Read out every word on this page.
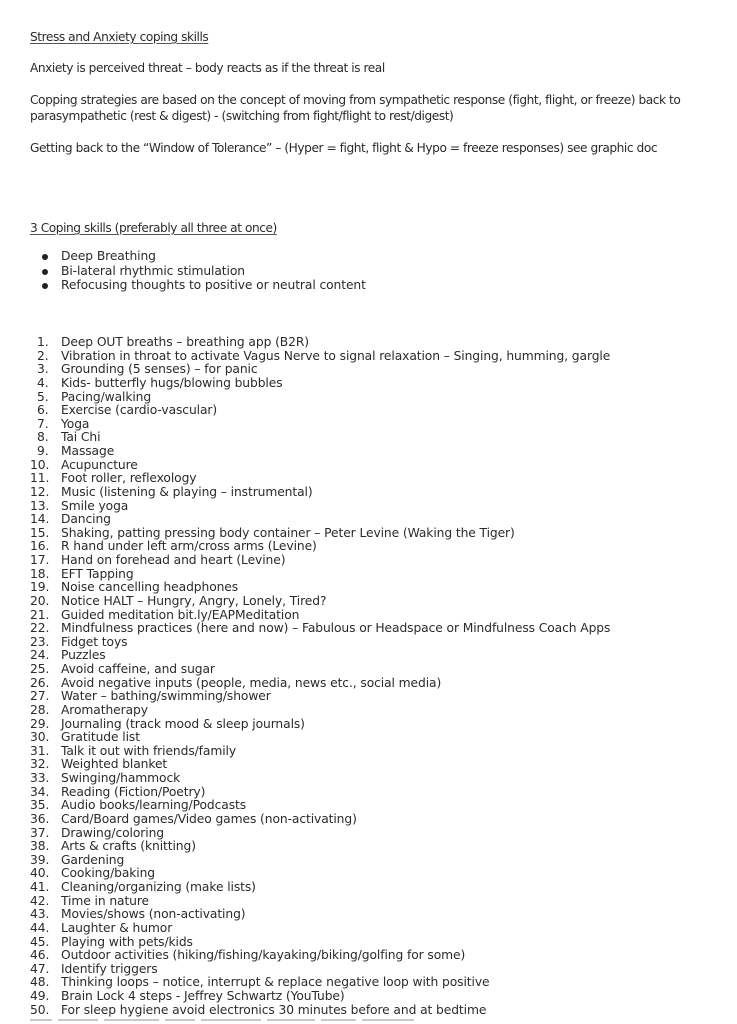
Stress and Anxiety coping skills
Anxiety is perceived threat – body reacts as if the threat is real
Copping strategies are based on the concept of moving from sympathetic response (fight, flight, or freeze) back to parasympathetic (rest & digest) - (switching from fight/flight to rest/digest)
Getting back to the “Window of Tolerance” – (Hyper = fight, flight & Hypo = freeze responses) see graphic doc
3 Coping skills (preferably all three at once)
Deep Breathing
Bi-lateral rhythmic stimulation
Refocusing thoughts to positive or neutral content
1. Deep OUT breaths – breathing app (B2R)
2. Vibration in throat to activate Vagus Nerve to signal relaxation – Singing, humming, gargle
3. Grounding (5 senses) – for panic
4. Kids- butterfly hugs/blowing bubbles
5. Pacing/walking
6. Exercise (cardio-vascular)
7. Yoga
8. Tai Chi
9. Massage
10. Acupuncture
11. Foot roller, reflexology
12. Music (listening & playing – instrumental)
13. Smile yoga
14. Dancing
15. Shaking, patting pressing body container – Peter Levine (Waking the Tiger)
16. R hand under left arm/cross arms (Levine)
17. Hand on forehead and heart (Levine)
18. EFT Tapping
19. Noise cancelling headphones
20. Notice HALT – Hungry, Angry, Lonely, Tired?
21. Guided meditation bit.ly/EAPMeditation
22. Mindfulness practices (here and now) – Fabulous or Headspace or Mindfulness Coach Apps
23. Fidget toys
24. Puzzles
25. Avoid caffeine, and sugar
26. Avoid negative inputs (people, media, news etc., social media)
27. Water – bathing/swimming/shower
28. Aromatherapy
29. Journaling (track mood & sleep journals)
30. Gratitude list
31. Talk it out with friends/family
32. Weighted blanket
33. Swinging/hammock
34. Reading (Fiction/Poetry)
35. Audio books/learning/Podcasts
36. Card/Board games/Video games (non-activating)
37. Drawing/coloring
38. Arts & crafts (knitting)
39. Gardening
40. Cooking/baking
41. Cleaning/organizing (make lists)
42. Time in nature
43. Movies/shows (non-activating)
44. Laughter & humor
45. Playing with pets/kids
46. Outdoor activities (hiking/fishing/kayaking/biking/golfing for some)
47. Identify triggers
48. Thinking loops – notice, interrupt & replace negative loop with positive
49. Brain Lock 4 steps - Jeffrey Schwartz (YouTube)
50. For sleep hygiene avoid electronics 30 minutes before and at bedtime
